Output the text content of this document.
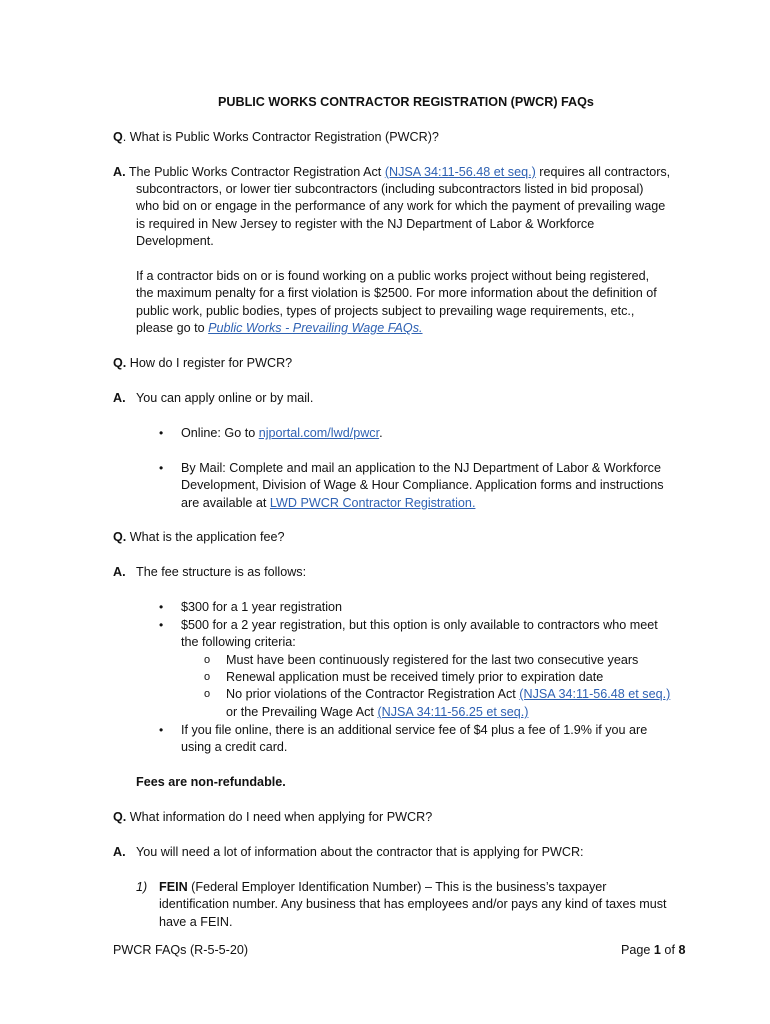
PUBLIC WORKS CONTRACTOR REGISTRATION (PWCR) FAQs
Q. What is Public Works Contractor Registration (PWCR)?
A. The Public Works Contractor Registration Act (NJSA 34:11-56.48 et seq.) requires all contractors,
subcontractors, or lower tier subcontractors (including subcontractors listed in bid proposal)
who bid on or engage in the performance of any work for which the payment of prevailing wage
is required in New Jersey to register with the NJ Department of Labor & Workforce
Development.
If a contractor bids on or is found working on a public works project without being registered,
the maximum penalty for a first violation is $2500. For more information about the definition of
public work, public bodies, types of projects subject to prevailing wage requirements, etc.,
please go to Public Works - Prevailing Wage FAQs.
Q. How do I register for PWCR?
A. You can apply online or by mail.
• Online: Go to njportal.com/lwd/pwcr.
• By Mail: Complete and mail an application to the NJ Department of Labor & Workforce
Development, Division of Wage & Hour Compliance. Application forms and instructions
are available at LWD PWCR Contractor Registration.
Q. What is the application fee?
A. The fee structure is as follows:
• $300 for a 1 year registration
• $500 for a 2 year registration, but this option is only available to contractors who meet
the following criteria:
o Must have been continuously registered for the last two consecutive years
o Renewal application must be received timely prior to expiration date
o No prior violations of the Contractor Registration Act (NJSA 34:11-56.48 et seq.)
or the Prevailing Wage Act (NJSA 34:11-56.25 et seq.)
• If you file online, there is an additional service fee of $4 plus a fee of 1.9% if you are
using a credit card.
Fees are non-refundable.
Q. What information do I need when applying for PWCR?
A. You will need a lot of information about the contractor that is applying for PWCR:
1) FEIN (Federal Employer Identification Number) – This is the business’s taxpayer
identification number. Any business that has employees and/or pays any kind of taxes must
have a FEIN.
PWCR FAQs (R-5-5-20)	Page 1 of 8
